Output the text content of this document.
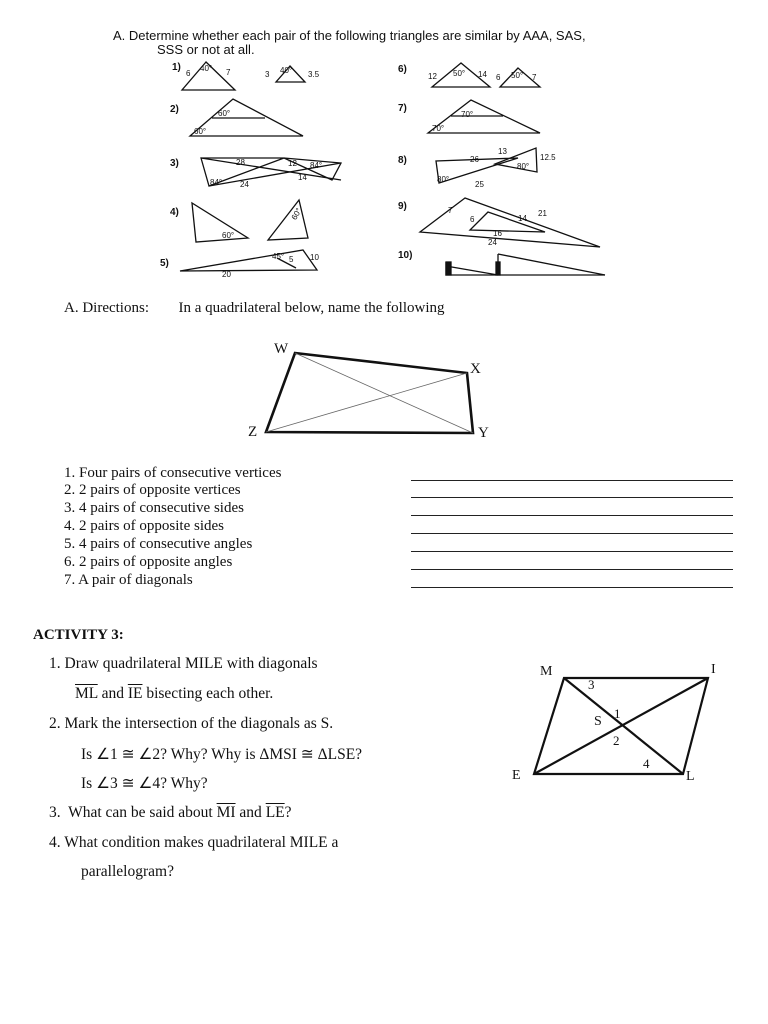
A. Determine whether each pair of the following triangles are similar by AAA, SAS,
SSS or not at all.
1)
2)
3)
4)
5)
6)
7)
8)
9)
10)
6
40° 7	3 40° 3.5
60°
60°
28	12 84°
84° 24
14
60°
60°
45° 5 10
20
12 50° 14 6 50° 7
70°
70°
26
13
12.5
80°
80°
25
7
6	14
21
16
24
A. Directions: In a quadrilateral below, name the following
W
X
Y
Z
1. Four pairs of consecutive vertices
2. 2 pairs of opposite vertices
3. 4 pairs of consecutive sides
4. 2 pairs of opposite sides
5. 4 pairs of consecutive angles
6. 2 pairs of opposite angles
7. A pair of diagonals
ACTIVITY 3:
1. Draw quadrilateral MILE with diagonals
$\overline{ML}$ and $\overline{IE}$ bisecting each other.
2. Mark the intersection of the diagonals as S.
Is ∠1 ≅ ∠2? Why? Why is ΔMSI ≅ ΔLSE?
Is ∠3 ≅ ∠4? Why?
3.  What can be said about $\overline{MI}$ and $\overline{LE}$?
4. What condition makes quadrilateral MILE a
parallelogram?
M	I
L
E
S
1
2
3
4
